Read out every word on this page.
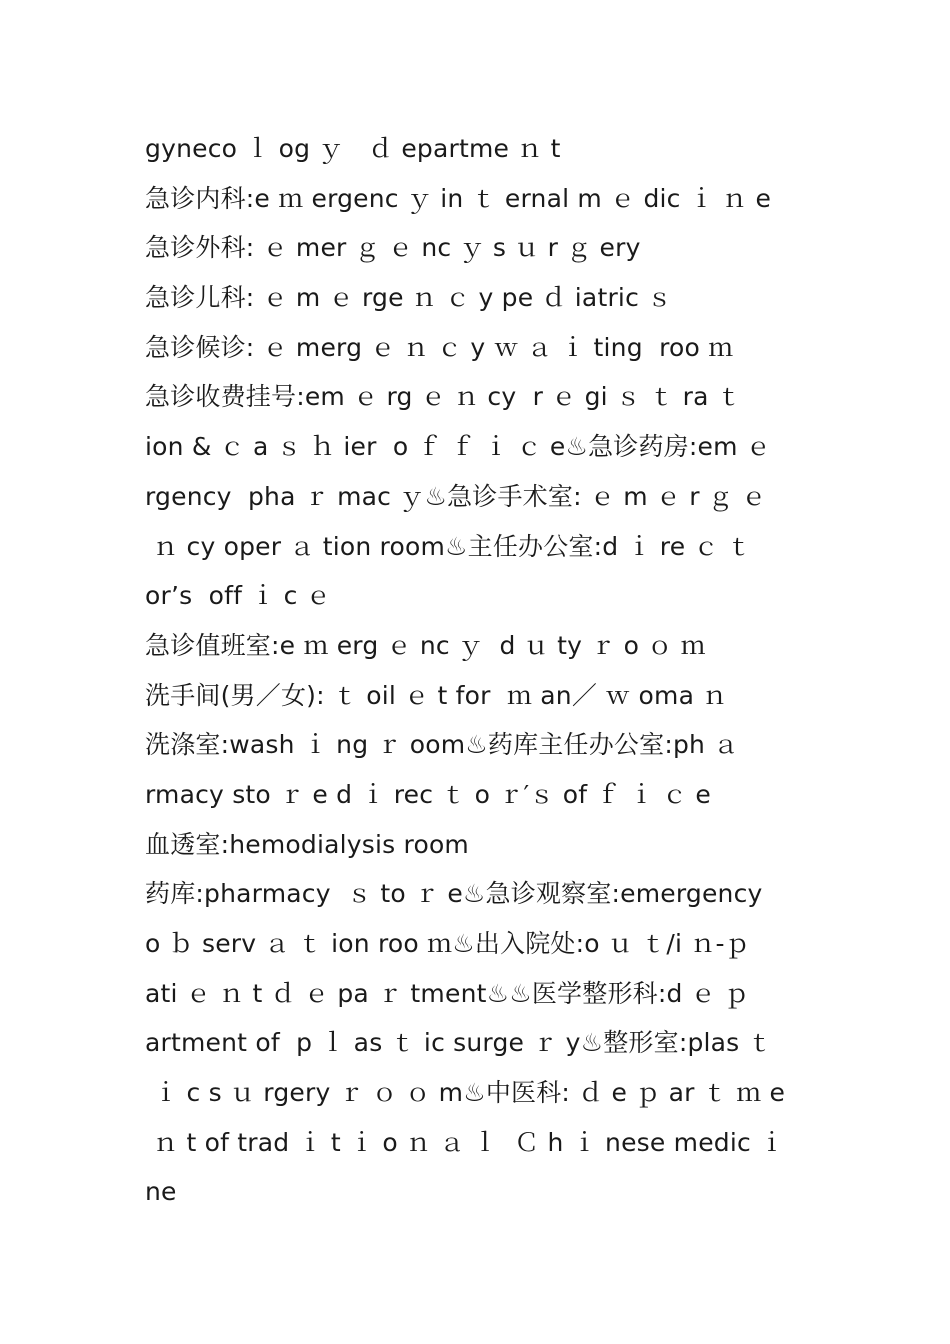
gyneco ｌ og ｙ   ｄ epartme ｎ t
急诊内科:e ｍ ergenc ｙ in ｔ ernal m ｅ dic ｉ ｎ e
急诊外科: ｅ mer ｇ ｅ nc ｙ s ｕ r ｇ ery
急诊儿科: ｅ m ｅ rge ｎ ｃ y pe ｄ iatric ｓ
急诊候诊: ｅ merg ｅ ｎ ｃ y ｗ ａ ｉ ting  roo ｍ
急诊收费挂号:em ｅ rg ｅ ｎ cy  r ｅ gi ｓ ｔ ra ｔ
ion & ｃ a ｓ ｈ ier  o ｆ ｆ ｉ ｃ e♨急诊药房:em ｅ
rgency  pha ｒ mac ｙ♨急诊手术室: ｅ m ｅ r ｇ ｅ
ｎ cy oper ａ tion room♨主任办公室:d ｉ re ｃ ｔ
or’s  off ｉ c ｅ
急诊值班室:e ｍ erg ｅ nc ｙ  d ｕ ty ｒ o ｏ ｍ
洗手间(男／女): ｔ oil ｅ t for  ｍ an／ ｗ oma ｎ
洗涤室:wash ｉ ng ｒ oom♨药库主任办公室:ph ａ
rmacy sto ｒ e d ｉ rec ｔ o ｒ′ｓ of ｆ ｉ ｃ e
血透室:hemodialysis room
药库:pharmacy  ｓ to ｒ e♨急诊观察室:emergency
o ｂ serv ａ ｔ ion roo ｍ♨出入院处:o ｕ ｔ/i ｎ-ｐ
ati ｅ ｎ t ｄ ｅ pa ｒ tment♨♨医学整形科:d ｅ ｐ
artment of  p ｌ as ｔ ic surge ｒ y♨整形室:plas ｔ
ｉ c s ｕ rgery ｒ ｏ ｏ m♨中医科: ｄ e ｐ ar ｔ ｍ e
ｎ t of trad ｉ t ｉ o ｎ ａ ｌ  Ｃ h ｉ nese medic ｉ
ne
